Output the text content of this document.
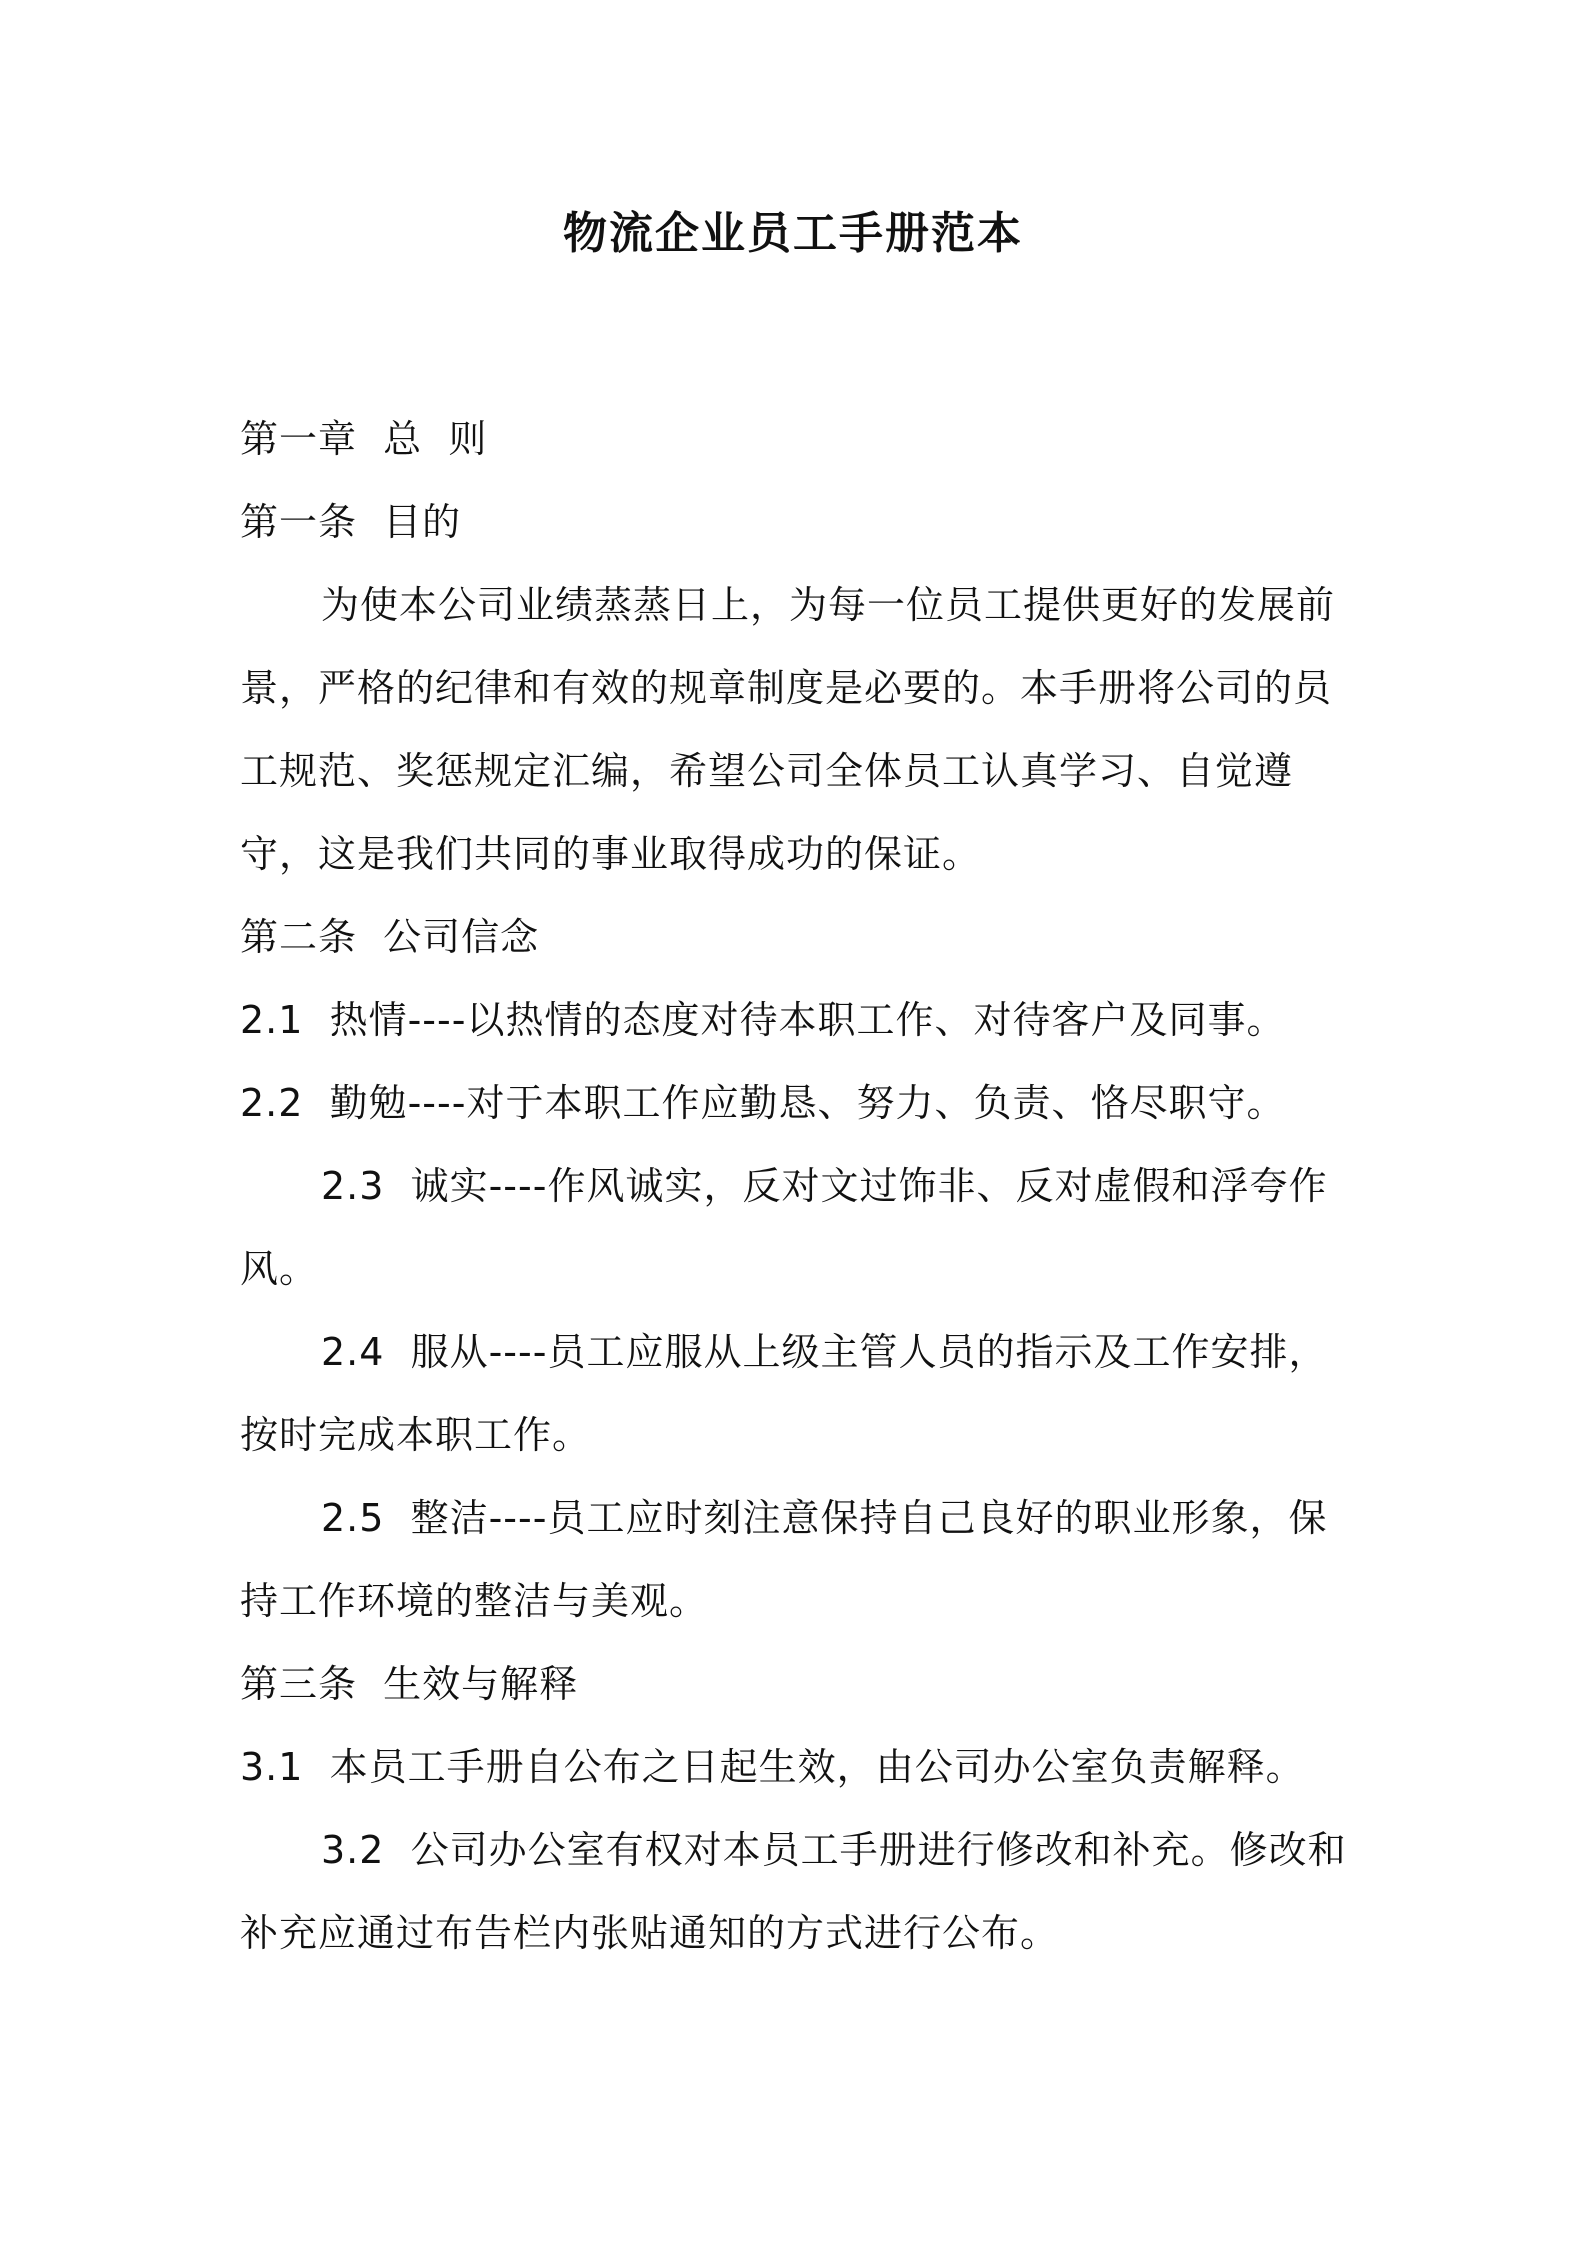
物流企业员工手册范本

第一章  总  则

第一条  目的

为使本公司业绩蒸蒸日上，为每一位员工提供更好的发展前景，严格的纪律和有效的规章制度是必要的。本手册将公司的员工规范、奖惩规定汇编，希望公司全体员工认真学习、自觉遵守，这是我们共同的事业取得成功的保证。

第二条  公司信念

2.1  热情----以热情的态度对待本职工作、对待客户及同事。

2.2  勤勉----对于本职工作应勤恳、努力、负责、恪尽职守。

2.3  诚实----作风诚实，反对文过饰非、反对虚假和浮夸作风。

2.4  服从----员工应服从上级主管人员的指示及工作安排，按时完成本职工作。

2.5  整洁----员工应时刻注意保持自己良好的职业形象，保持工作环境的整洁与美观。

第三条  生效与解释

3.1  本员工手册自公布之日起生效，由公司办公室负责解释。

3.2  公司办公室有权对本员工手册进行修改和补充。修改和补充应通过布告栏内张贴通知的方式进行公布。
